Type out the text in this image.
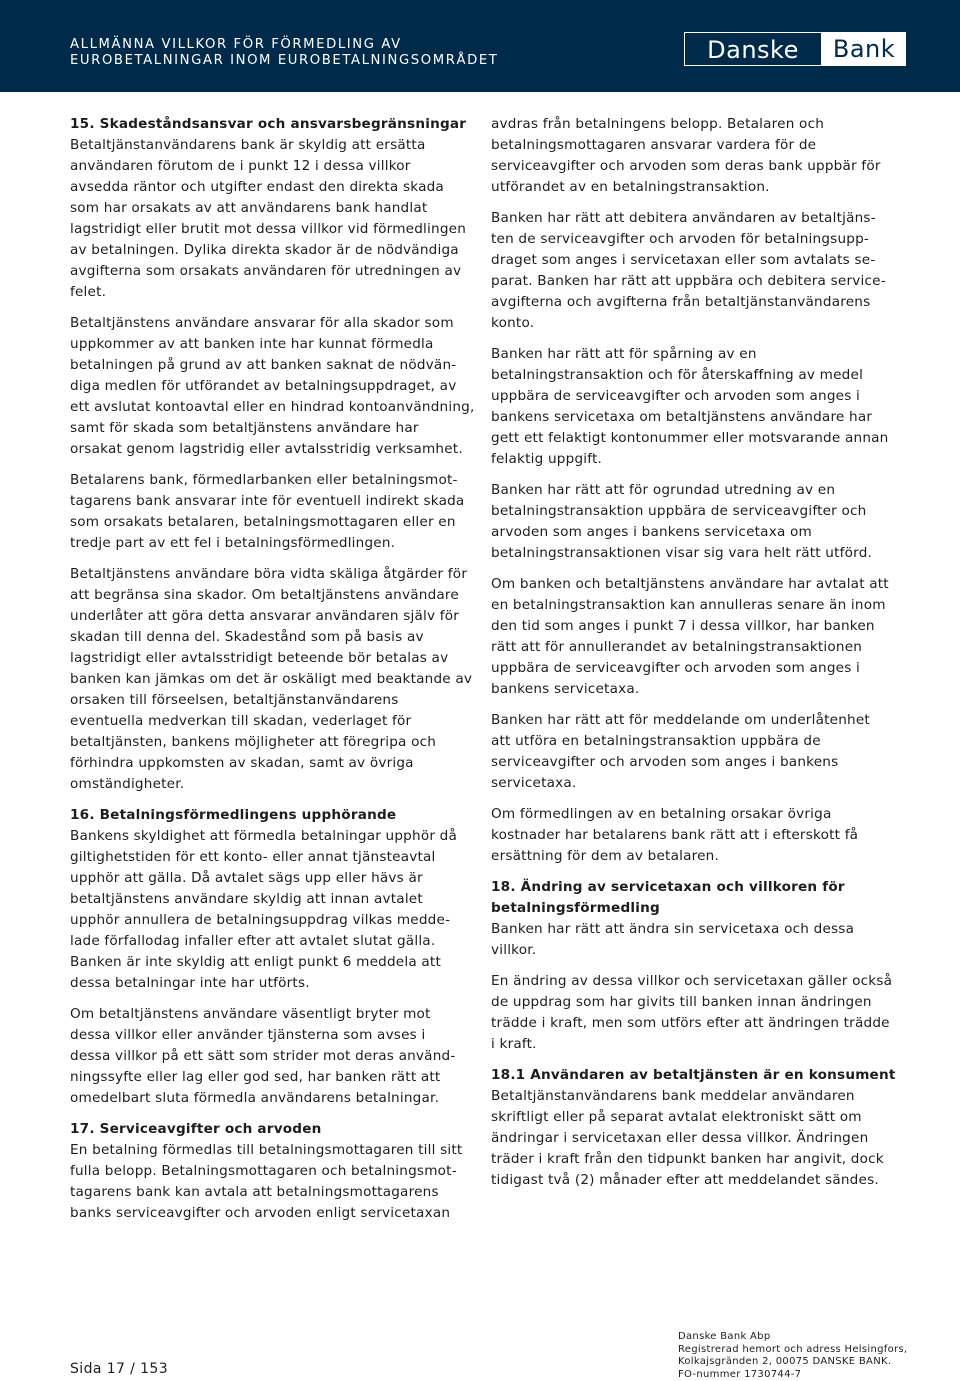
ALLMÄNNA VILLKOR FÖR FÖRMEDLING AV
EUROBETALNINGAR INOM EUROBETALNINGSOMRÅDET	Danske	Bank
15. Skadeståndsansvar och ansvarsbegränsningar
Betaltjänstanvändarens bank är skyldig att ersätta
användaren förutom de i punkt 12 i dessa villkor
avsedda räntor och utgifter endast den direkta skada
som har orsakats av att användarens bank handlat
lagstridigt eller brutit mot dessa villkor vid förmedlingen
av betalningen. Dylika direkta skador är de nödvändiga
avgifterna som orsakats användaren för utredningen av
felet.
Betaltjänstens användare ansvarar för alla skador som
uppkommer av att banken inte har kunnat förmedla
betalningen på grund av att banken saknat de nödvän-
diga medlen för utförandet av betalningsuppdraget, av
ett avslutat kontoavtal eller en hindrad kontoanvändning,
samt för skada som betaltjänstens användare har
orsakat genom lagstridig eller avtalsstridig verksamhet.
Betalarens bank, förmedlarbanken eller betalningsmot-
tagarens bank ansvarar inte för eventuell indirekt skada
som orsakats betalaren, betalningsmottagaren eller en
tredje part av ett fel i betalningsförmedlingen.
Betaltjänstens användare böra vidta skäliga åtgärder för
att begränsa sina skador. Om betaltjänstens användare
underlåter att göra detta ansvarar användaren själv för
skadan till denna del. Skadestånd som på basis av
lagstridigt eller avtalsstridigt beteende bör betalas av
banken kan jämkas om det är oskäligt med beaktande av
orsaken till förseelsen, betaltjänstanvändarens
eventuella medverkan till skadan, vederlaget för
betaltjänsten, bankens möjligheter att föregripa och
förhindra uppkomsten av skadan, samt av övriga
omständigheter.
16. Betalningsförmedlingens upphörande
Bankens skyldighet att förmedla betalningar upphör då
giltighetstiden för ett konto- eller annat tjänsteavtal
upphör att gälla. Då avtalet sägs upp eller hävs är
betaltjänstens användare skyldig att innan avtalet
upphör annullera de betalningsuppdrag vilkas medde-
lade förfallodag infaller efter att avtalet slutat gälla.
Banken är inte skyldig att enligt punkt 6 meddela att
dessa betalningar inte har utförts.
Om betaltjänstens användare väsentligt bryter mot
dessa villkor eller använder tjänsterna som avses i
dessa villkor på ett sätt som strider mot deras använd-
ningssyfte eller lag eller god sed, har banken rätt att
omedelbart sluta förmedla användarens betalningar.
17. Serviceavgifter och arvoden
En betalning förmedlas till betalningsmottagaren till sitt
fulla belopp. Betalningsmottagaren och betalningsmot-
tagarens bank kan avtala att betalningsmottagarens
banks serviceavgifter och arvoden enligt servicetaxan
avdras från betalningens belopp. Betalaren och
betalningsmottagaren ansvarar vardera för de
serviceavgifter och arvoden som deras bank uppbär för
utförandet av en betalningstransaktion.
Banken har rätt att debitera användaren av betaltjäns-
ten de serviceavgifter och arvoden för betalningsupp-
draget som anges i servicetaxan eller som avtalats se-
parat. Banken har rätt att uppbära och debitera service-
avgifterna och avgifterna från betaltjänstanvändarens
konto.
Banken har rätt att för spårning av en
betalningstransaktion och för återskaffning av medel
uppbära de serviceavgifter och arvoden som anges i
bankens servicetaxa om betaltjänstens användare har
gett ett felaktigt kontonummer eller motsvarande annan
felaktig uppgift.
Banken har rätt att för ogrundad utredning av en
betalningstransaktion uppbära de serviceavgifter och
arvoden som anges i bankens servicetaxa om
betalningstransaktionen visar sig vara helt rätt utförd.
Om banken och betaltjänstens användare har avtalat att
en betalningstransaktion kan annulleras senare än inom
den tid som anges i punkt 7 i dessa villkor, har banken
rätt att för annullerandet av betalningstransaktionen
uppbära de serviceavgifter och arvoden som anges i
bankens servicetaxa.
Banken har rätt att för meddelande om underlåtenhet
att utföra en betalningstransaktion uppbära de
serviceavgifter och arvoden som anges i bankens
servicetaxa.
Om förmedlingen av en betalning orsakar övriga
kostnader har betalarens bank rätt att i efterskott få
ersättning för dem av betalaren.
18. Ändring av servicetaxan och villkoren för
betalningsförmedling
Banken har rätt att ändra sin servicetaxa och dessa
villkor.
En ändring av dessa villkor och servicetaxan gäller också
de uppdrag som har givits till banken innan ändringen
trädde i kraft, men som utförs efter att ändringen trädde
i kraft.
18.1 Användaren av betaltjänsten är en konsument
Betaltjänstanvändarens bank meddelar användaren
skriftligt eller på separat avtalat elektroniskt sätt om
ändringar i servicetaxan eller dessa villkor. Ändringen
träder i kraft från den tidpunkt banken har angivit, dock
tidigast två (2) månader efter att meddelandet sändes.
Sida 17 / 153
Danske Bank Abp
Registrerad hemort och adress Helsingfors,
Kolkajsgränden 2, 00075 DANSKE BANK.
FO-nummer 1730744-7
